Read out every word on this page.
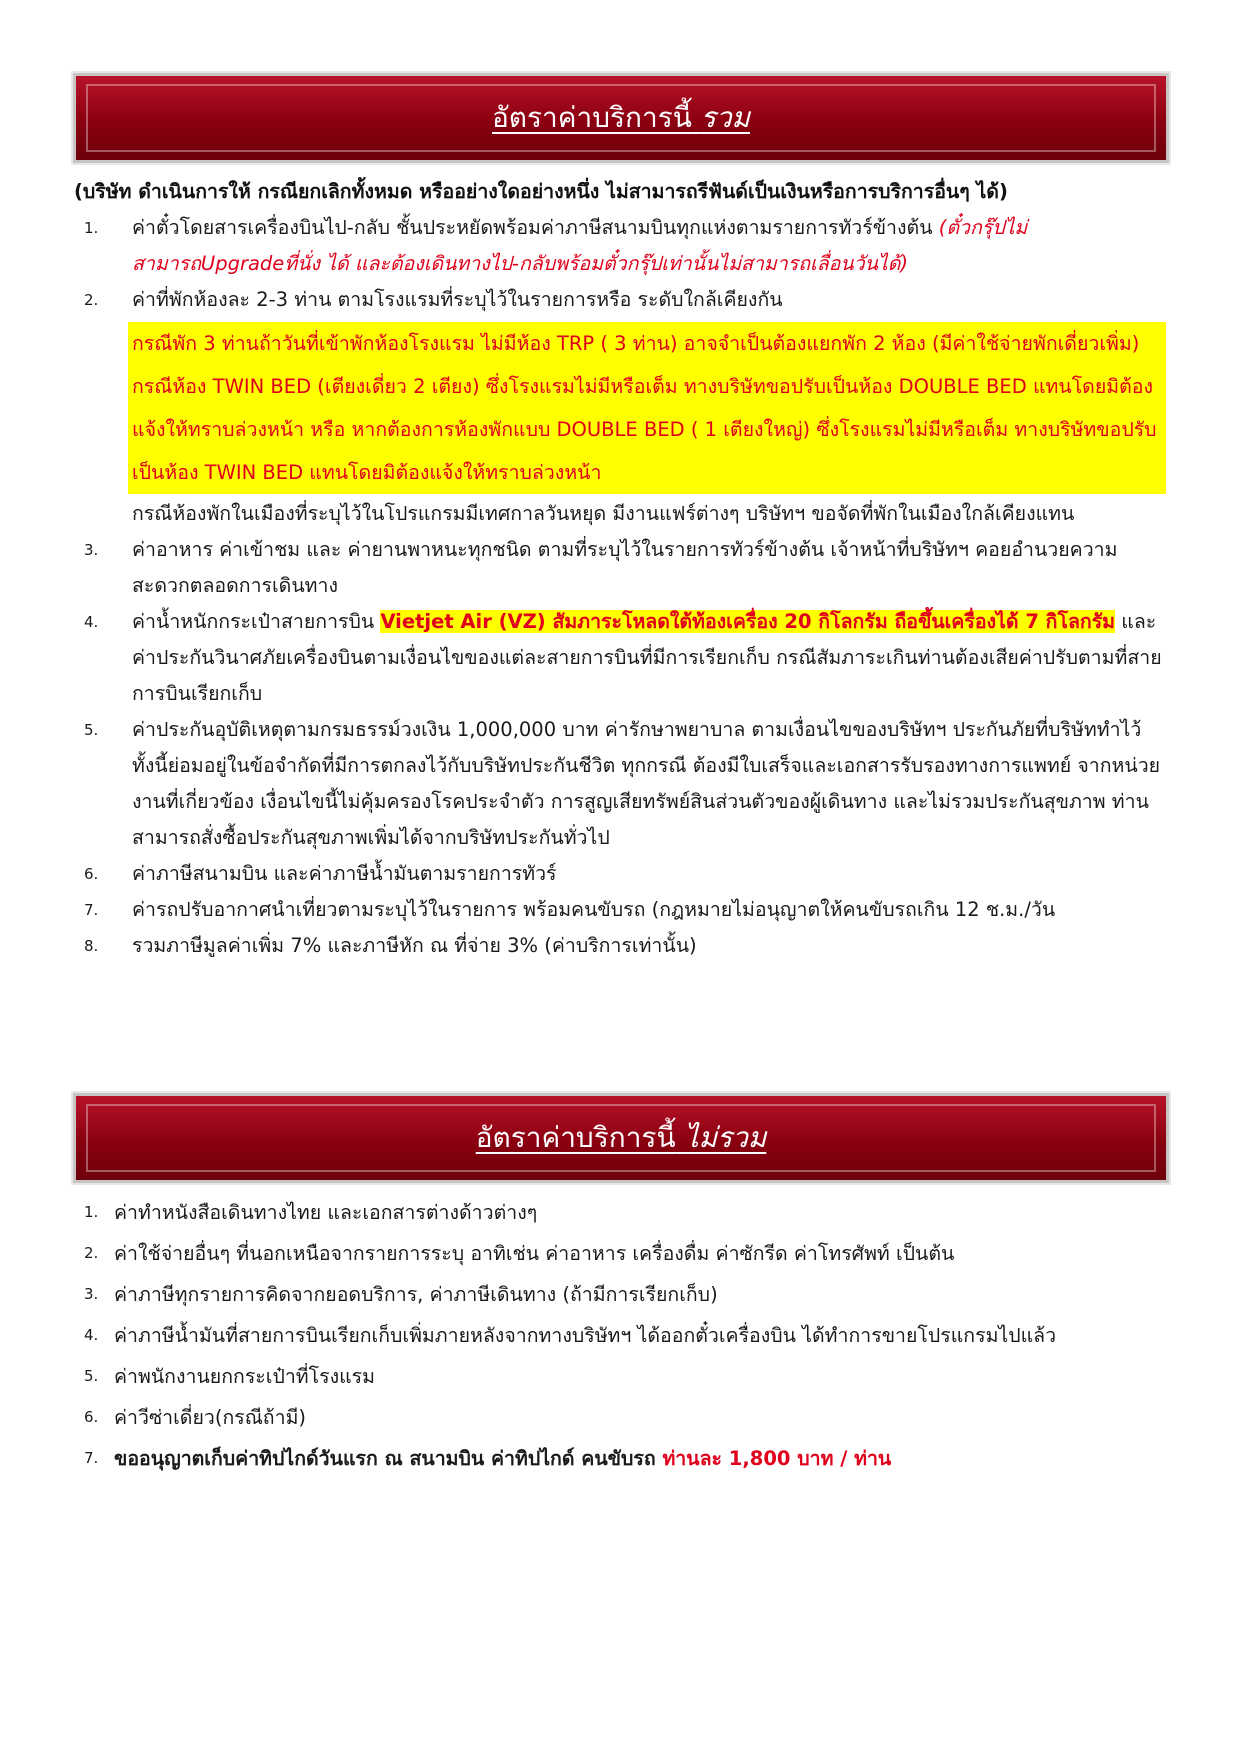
อัตราค่าบริการนี้ รวม
(บริษัท ดำเนินการให้ กรณียกเลิกทั้งหมด หรืออย่างใดอย่างหนึ่ง ไม่สามารถรีฟันด์เป็นเงินหรือการบริการอื่นๆ ได้)
1.	ค่าตั๋วโดยสารเครื่องบินไป-กลับ ชั้นประหยัดพร้อมค่าภาษีสนามบินทุกแห่งตามรายการทัวร์ข้างต้น (ตั๋วกรุ๊ปไม่สามารถUpgradeที่นั่ง ได้ และต้องเดินทางไป-กลับพร้อมตั๋วกรุ๊ปเท่านั้นไม่สามารถเลื่อนวันได้)
2.	ค่าที่พักห้องละ 2-3 ท่าน ตามโรงแรมที่ระบุไว้ในรายการหรือ ระดับใกล้เคียงกัน
กรณีพัก 3 ท่านถ้าวันที่เข้าพักห้องโรงแรม ไม่มีห้อง TRP ( 3 ท่าน) อาจจำเป็นต้องแยกพัก 2 ห้อง (มีค่าใช้จ่ายพักเดี่ยวเพิ่ม) กรณีห้อง TWIN BED (เตียงเดี่ยว 2 เตียง) ซึ่งโรงแรมไม่มีหรือเต็ม ทางบริษัทขอปรับเป็นห้อง DOUBLE BED แทนโดยมิต้องแจ้งให้ทราบล่วงหน้า หรือ หากต้องการห้องพักแบบ DOUBLE BED ( 1 เตียงใหญ่) ซึ่งโรงแรมไม่มีหรือเต็ม ทางบริษัทขอปรับเป็นห้อง TWIN BED แทนโดยมิต้องแจ้งให้ทราบล่วงหน้า
กรณีห้องพักในเมืองที่ระบุไว้ในโปรแกรมมีเทศกาลวันหยุด มีงานแฟร์ต่างๆ บริษัทฯ ขอจัดที่พักในเมืองใกล้เคียงแทน
3.	ค่าอาหาร ค่าเข้าชม และ ค่ายานพาหนะทุกชนิด ตามที่ระบุไว้ในรายการทัวร์ข้างต้น เจ้าหน้าที่บริษัทฯ คอยอำนวยความสะดวกตลอดการเดินทาง
4.	ค่าน้ำหนักกระเป๋าสายการบิน Vietjet Air (VZ) สัมภาระโหลดใต้ท้องเครื่อง 20 กิโลกรัม ถือขึ้นเครื่องได้ 7 กิโลกรัม และค่าประกันวินาศภัยเครื่องบินตามเงื่อนไขของแต่ละสายการบินที่มีการเรียกเก็บ กรณีสัมภาระเกินท่านต้องเสียค่าปรับตามที่สายการบินเรียกเก็บ
5.	ค่าประกันอุบัติเหตุตามกรมธรรม์วงเงิน 1,000,000 บาท ค่ารักษาพยาบาล ตามเงื่อนไขของบริษัทฯ ประกันภัยที่บริษัททำไว้ ทั้งนี้ย่อมอยู่ในข้อจำกัดที่มีการตกลงไว้กับบริษัทประกันชีวิต ทุกกรณี ต้องมีใบเสร็จและเอกสารรับรองทางการแพทย์ จากหน่วยงานที่เกี่ยวข้อง เงื่อนไขนี้ไม่คุ้มครองโรคประจำตัว การสูญเสียทรัพย์สินส่วนตัวของผู้เดินทาง และไม่รวมประกันสุขภาพ ท่านสามารถสั่งซื้อประกันสุขภาพเพิ่มได้จากบริษัทประกันทั่วไป
6.	ค่าภาษีสนามบิน และค่าภาษีน้ำมันตามรายการทัวร์
7.	ค่ารถปรับอากาศนำเที่ยวตามระบุไว้ในรายการ พร้อมคนขับรถ (กฎหมายไม่อนุญาตให้คนขับรถเกิน 12 ช.ม./วัน
8.	รวมภาษีมูลค่าเพิ่ม 7% และภาษีหัก ณ ที่จ่าย 3% (ค่าบริการเท่านั้น)
อัตราค่าบริการนี้ ไม่รวม
1. ค่าทำหนังสือเดินทางไทย และเอกสารต่างด้าวต่างๆ
2. ค่าใช้จ่ายอื่นๆ ที่นอกเหนือจากรายการระบุ อาทิเช่น ค่าอาหาร เครื่องดื่ม ค่าซักรีด ค่าโทรศัพท์ เป็นต้น
3. ค่าภาษีทุกรายการคิดจากยอดบริการ, ค่าภาษีเดินทาง (ถ้ามีการเรียกเก็บ)
4. ค่าภาษีน้ำมันที่สายการบินเรียกเก็บเพิ่มภายหลังจากทางบริษัทฯ ได้ออกตั๋วเครื่องบิน ได้ทำการขายโปรแกรมไปแล้ว
5. ค่าพนักงานยกกระเป๋าที่โรงแรม
6. ค่าวีซ่าเดี่ยว(กรณีถ้ามี)
7. ขออนุญาตเก็บค่าทิปไกด์วันแรก ณ สนามบิน ค่าทิปไกด์ คนขับรถ ท่านละ 1,800 บาท / ท่าน
